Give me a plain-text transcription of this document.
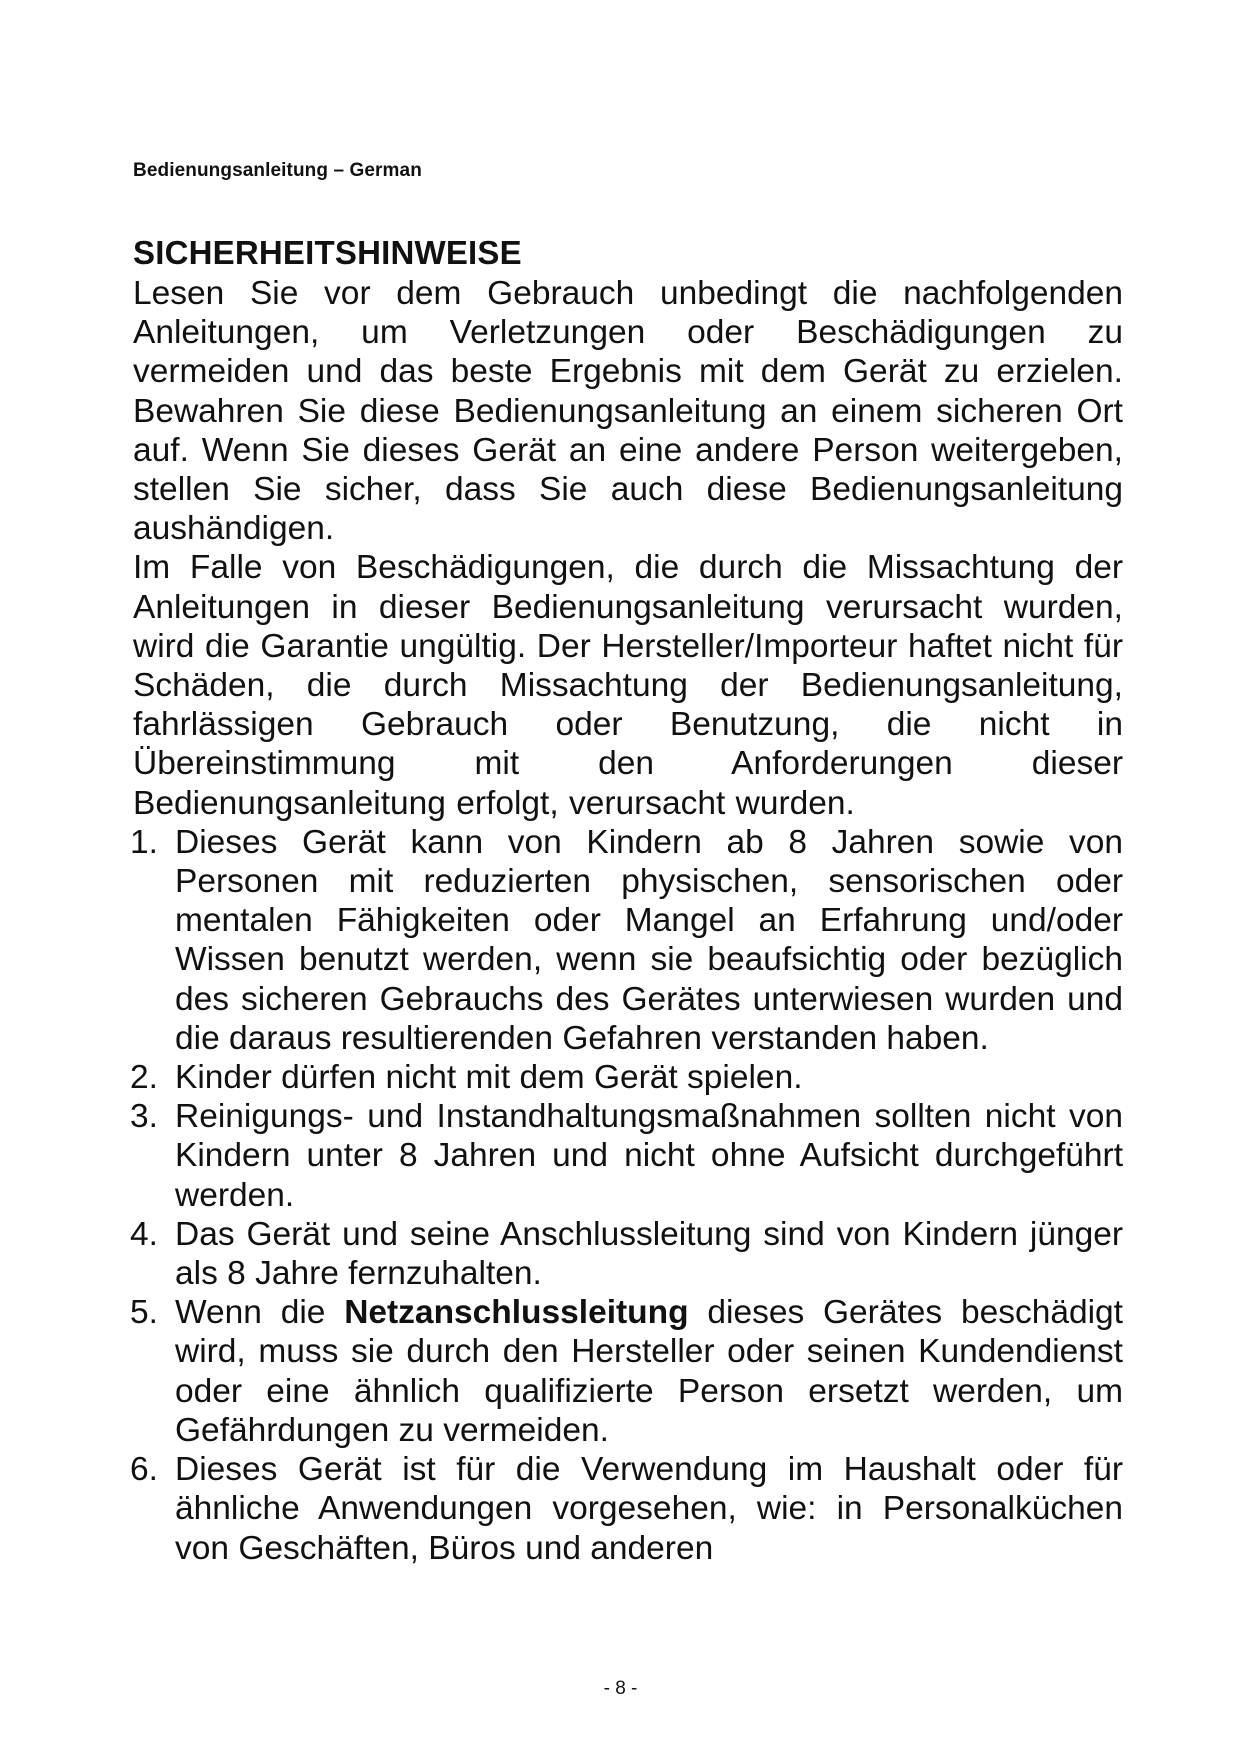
Bedienungsanleitung – German
SICHERHEITSHINWEISE

Lesen Sie vor dem Gebrauch unbedingt die nachfolgenden Anleitungen, um Verletzungen oder Beschädigungen zu vermeiden und das beste Ergebnis mit dem Gerät zu erzielen. Bewahren Sie diese Bedienungsanleitung an einem sicheren Ort auf. Wenn Sie dieses Gerät an eine andere Person weitergeben, stellen Sie sicher, dass Sie auch diese Bedienungsanleitung aushändigen.

Im Falle von Beschädigungen, die durch die Missachtung der Anleitungen in dieser Bedienungsanleitung verursacht wurden, wird die Garantie ungültig. Der Hersteller/Importeur haftet nicht für Schäden, die durch Missachtung der Bedienungsanleitung, fahrlässigen Gebrauch oder Benutzung, die nicht in Übereinstimmung mit den Anforderungen dieser Bedienungsanleitung erfolgt, verursacht wurden.

1. Dieses Gerät kann von Kindern ab 8 Jahren sowie von Personen mit reduzierten physischen, sensorischen oder mentalen Fähigkeiten oder Mangel an Erfahrung und/oder Wissen benutzt werden, wenn sie beaufsichtig oder bezüglich des sicheren Gebrauchs des Gerätes unterwiesen wurden und die daraus resultierenden Gefahren verstanden haben.
2. Kinder dürfen nicht mit dem Gerät spielen.
3. Reinigungs- und Instandhaltungsmaßnahmen sollten nicht von Kindern unter 8 Jahren und nicht ohne Aufsicht durchgeführt werden.
4. Das Gerät und seine Anschlussleitung sind von Kindern jünger als 8 Jahre fernzuhalten.
5. Wenn die Netzanschlussleitung dieses Gerätes beschädigt wird, muss sie durch den Hersteller oder seinen Kundendienst oder eine ähnlich qualifizierte Person ersetzt werden, um Gefährdungen zu vermeiden.
6. Dieses Gerät ist für die Verwendung im Haushalt oder für ähnliche Anwendungen vorgesehen, wie: in Personalküchen von Geschäften, Büros und anderen
- 8 -
